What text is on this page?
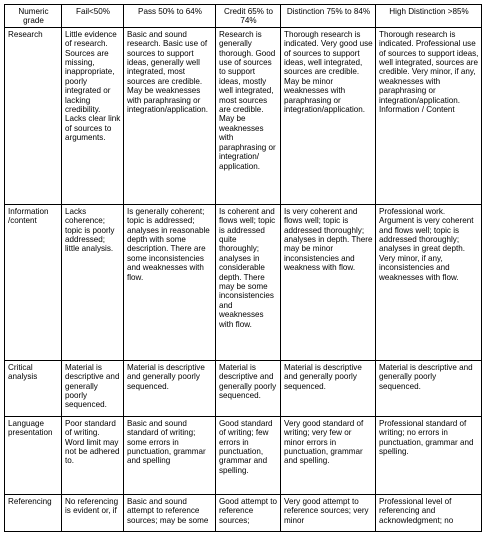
Numeric grade	Fail<50%	Pass 50% to 64%	Credit 65% to 74%	Distinction 75% to 84%	High Distinction >85%
Research	Little evidence of research. Sources are missing, inappropriate, poorly integrated or lacking credibility. Lacks clear link of sources to arguments.	Basic and sound research. Basic use of sources to support ideas, generally well integrated, most sources are credible. May be weaknesses with paraphrasing or integration/application.	Research is generally thorough. Good use of sources to support ideas, mostly well integrated, most sources are credible. May be weaknesses with paraphrasing or integration/ application.	Thorough research is indicated. Very good use of sources to support ideas, well integrated, sources are credible. May be minor weaknesses with paraphrasing or integration/application.	Thorough research is indicated. Professional use of sources to support ideas, well integrated, sources are credible. Very minor, if any, weaknesses with paraphrasing or integration/application. Information / Content
Information /content	Lacks coherence; topic is poorly addressed; little analysis.	Is generally coherent; topic is addressed; analyses in reasonable depth with some description. There are some inconsistencies and weaknesses with flow.	Is coherent and flows well; topic is addressed quite thoroughly; analyses in considerable depth. There may be some inconsistencies and weaknesses with flow.	Is very coherent and flows well; topic is addressed thoroughly; analyses in depth. There may be minor inconsistencies and weakness with flow.	Professional work. Argument is very coherent and flows well; topic is addressed thoroughly; analyses in great depth. Very minor, if any, inconsistencies and weaknesses with flow.
Critical analysis	Material is descriptive and generally poorly sequenced.	Material is descriptive and generally poorly sequenced.	Material is descriptive and generally poorly sequenced.	Material is descriptive and generally poorly sequenced.	Material is descriptive and generally poorly sequenced.
Language presentation	Poor standard of writing. Word limit may not be adhered to.	Basic and sound standard of writing; some errors in punctuation, grammar and spelling	Good standard of writing; few errors in punctuation, grammar and spelling.	Very good standard of writing; very few or minor errors in punctuation, grammar and spelling.	Professional standard of writing; no errors in punctuation, grammar and spelling.

Referencing	No referencing is evident or, if	Basic and sound attempt to reference sources; may be some	Good attempt to reference sources;	Very good attempt to reference sources; very minor	Professional level of referencing and acknowledgment; no
